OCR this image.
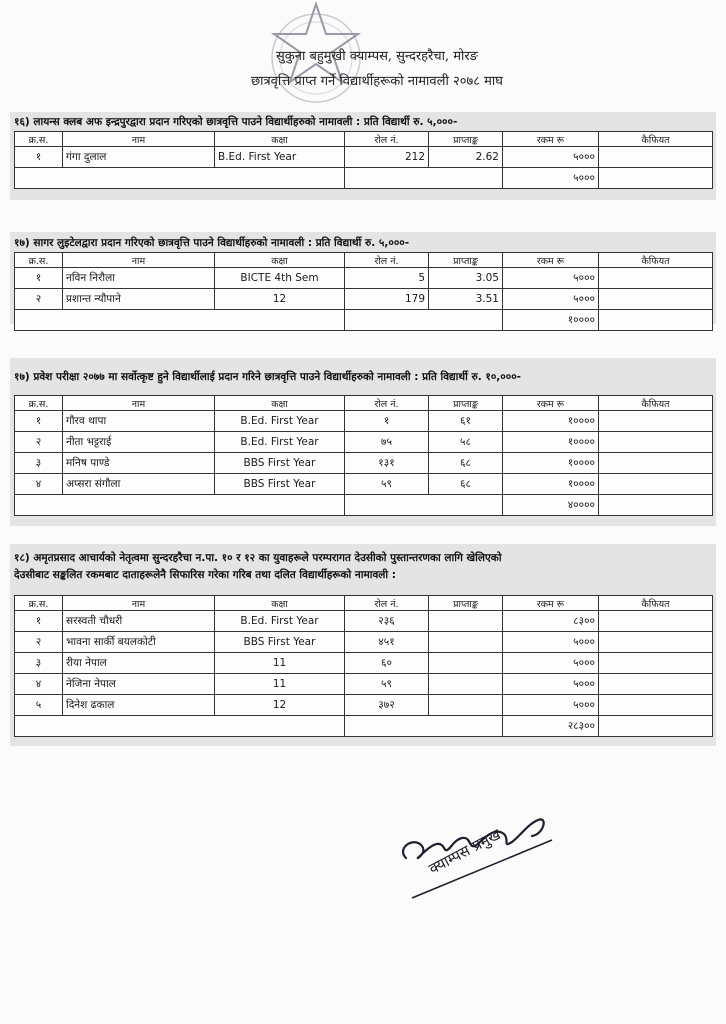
सुकुना बहुमुखी क्याम्पस, सुन्दरहरैचा, मोरङ
छात्रवृत्ति प्राप्त गर्ने विद्यार्थीहरूको नामावली २०७८ माघ
१६) लायन्स क्लब अफ इन्द्रपुरद्वारा प्रदान गरिएको छात्रवृत्ति पाउने विद्यार्थीहरुको नामावली : प्रति विद्यार्थी रु. ५,०००-
क्र.स.	नाम	कक्षा	रोल नं.	प्राप्ताङ्क	रकम रू	कैफियत
१	गंगा दुलाल	B.Ed. First Year	212	2.62	५०००	
					५०००	
१७) सागर लुइटेलद्वारा प्रदान गरिएको छात्रवृत्ति पाउने विद्यार्थीहरुको नामावली : प्रति विद्यार्थी रु. ५,०००-
क्र.स.	नाम	कक्षा	रोल नं.	प्राप्ताङ्क	रकम रू	कैफियत
१	नविन निरौला	BICTE 4th Sem	5	3.05	५०००	
२	प्रशान्त न्यौपाने	12	179	3.51	५०००	
					१००००	
१७) प्रवेश परीक्षा २०७७ मा सर्वोत्कृष्ट हुने विद्यार्थीलाई प्रदान गरिने छात्रवृत्ति पाउने विद्यार्थीहरुको नामावली : प्रति विद्यार्थी रु. १०,०००-
क्र.स.	नाम	कक्षा	रोल नं.	प्राप्ताङ्क	रकम रू	कैफियत
१	गौरव थापा	B.Ed. First Year	१	६१	१००००	
२	नीता भट्टराई	B.Ed. First Year	७५	५८	१००००	
३	मनिष पाण्डे	BBS First Year	१३१	६८	१००००	
४	अप्सरा संगौला	BBS First Year	५९	६८	१००००	
					४००००	
१८) अमृतप्रसाद आचार्यको नेतृत्वमा सुन्दरहरैचा न.पा. १० र १२ का युवाहरूले परम्परागत देउसीको पुस्तान्तरणका लागि खेलिएको
देउसीबाट सङ्कलित रकमबाट दाताहरूलेनै सिफारिस गरेका गरिब तथा दलित विद्यार्थीहरूको नामावली :
क्र.स.	नाम	कक्षा	रोल नं.	प्राप्ताङ्क	रकम रू	कैफियत
१	सरस्वती चौधरी	B.Ed. First Year	२३६		८३००	
२	भावना सार्की बयलकोटी	BBS First Year	४५१		५०००	
३	रीया नेपाल	11	६०		५०००	
४	नेजिना नेपाल	11	५९		५०००	
५	दिनेश ढकाल	12	३७२		५०००	
					२८३००	
क्याम्पस प्रमुख
